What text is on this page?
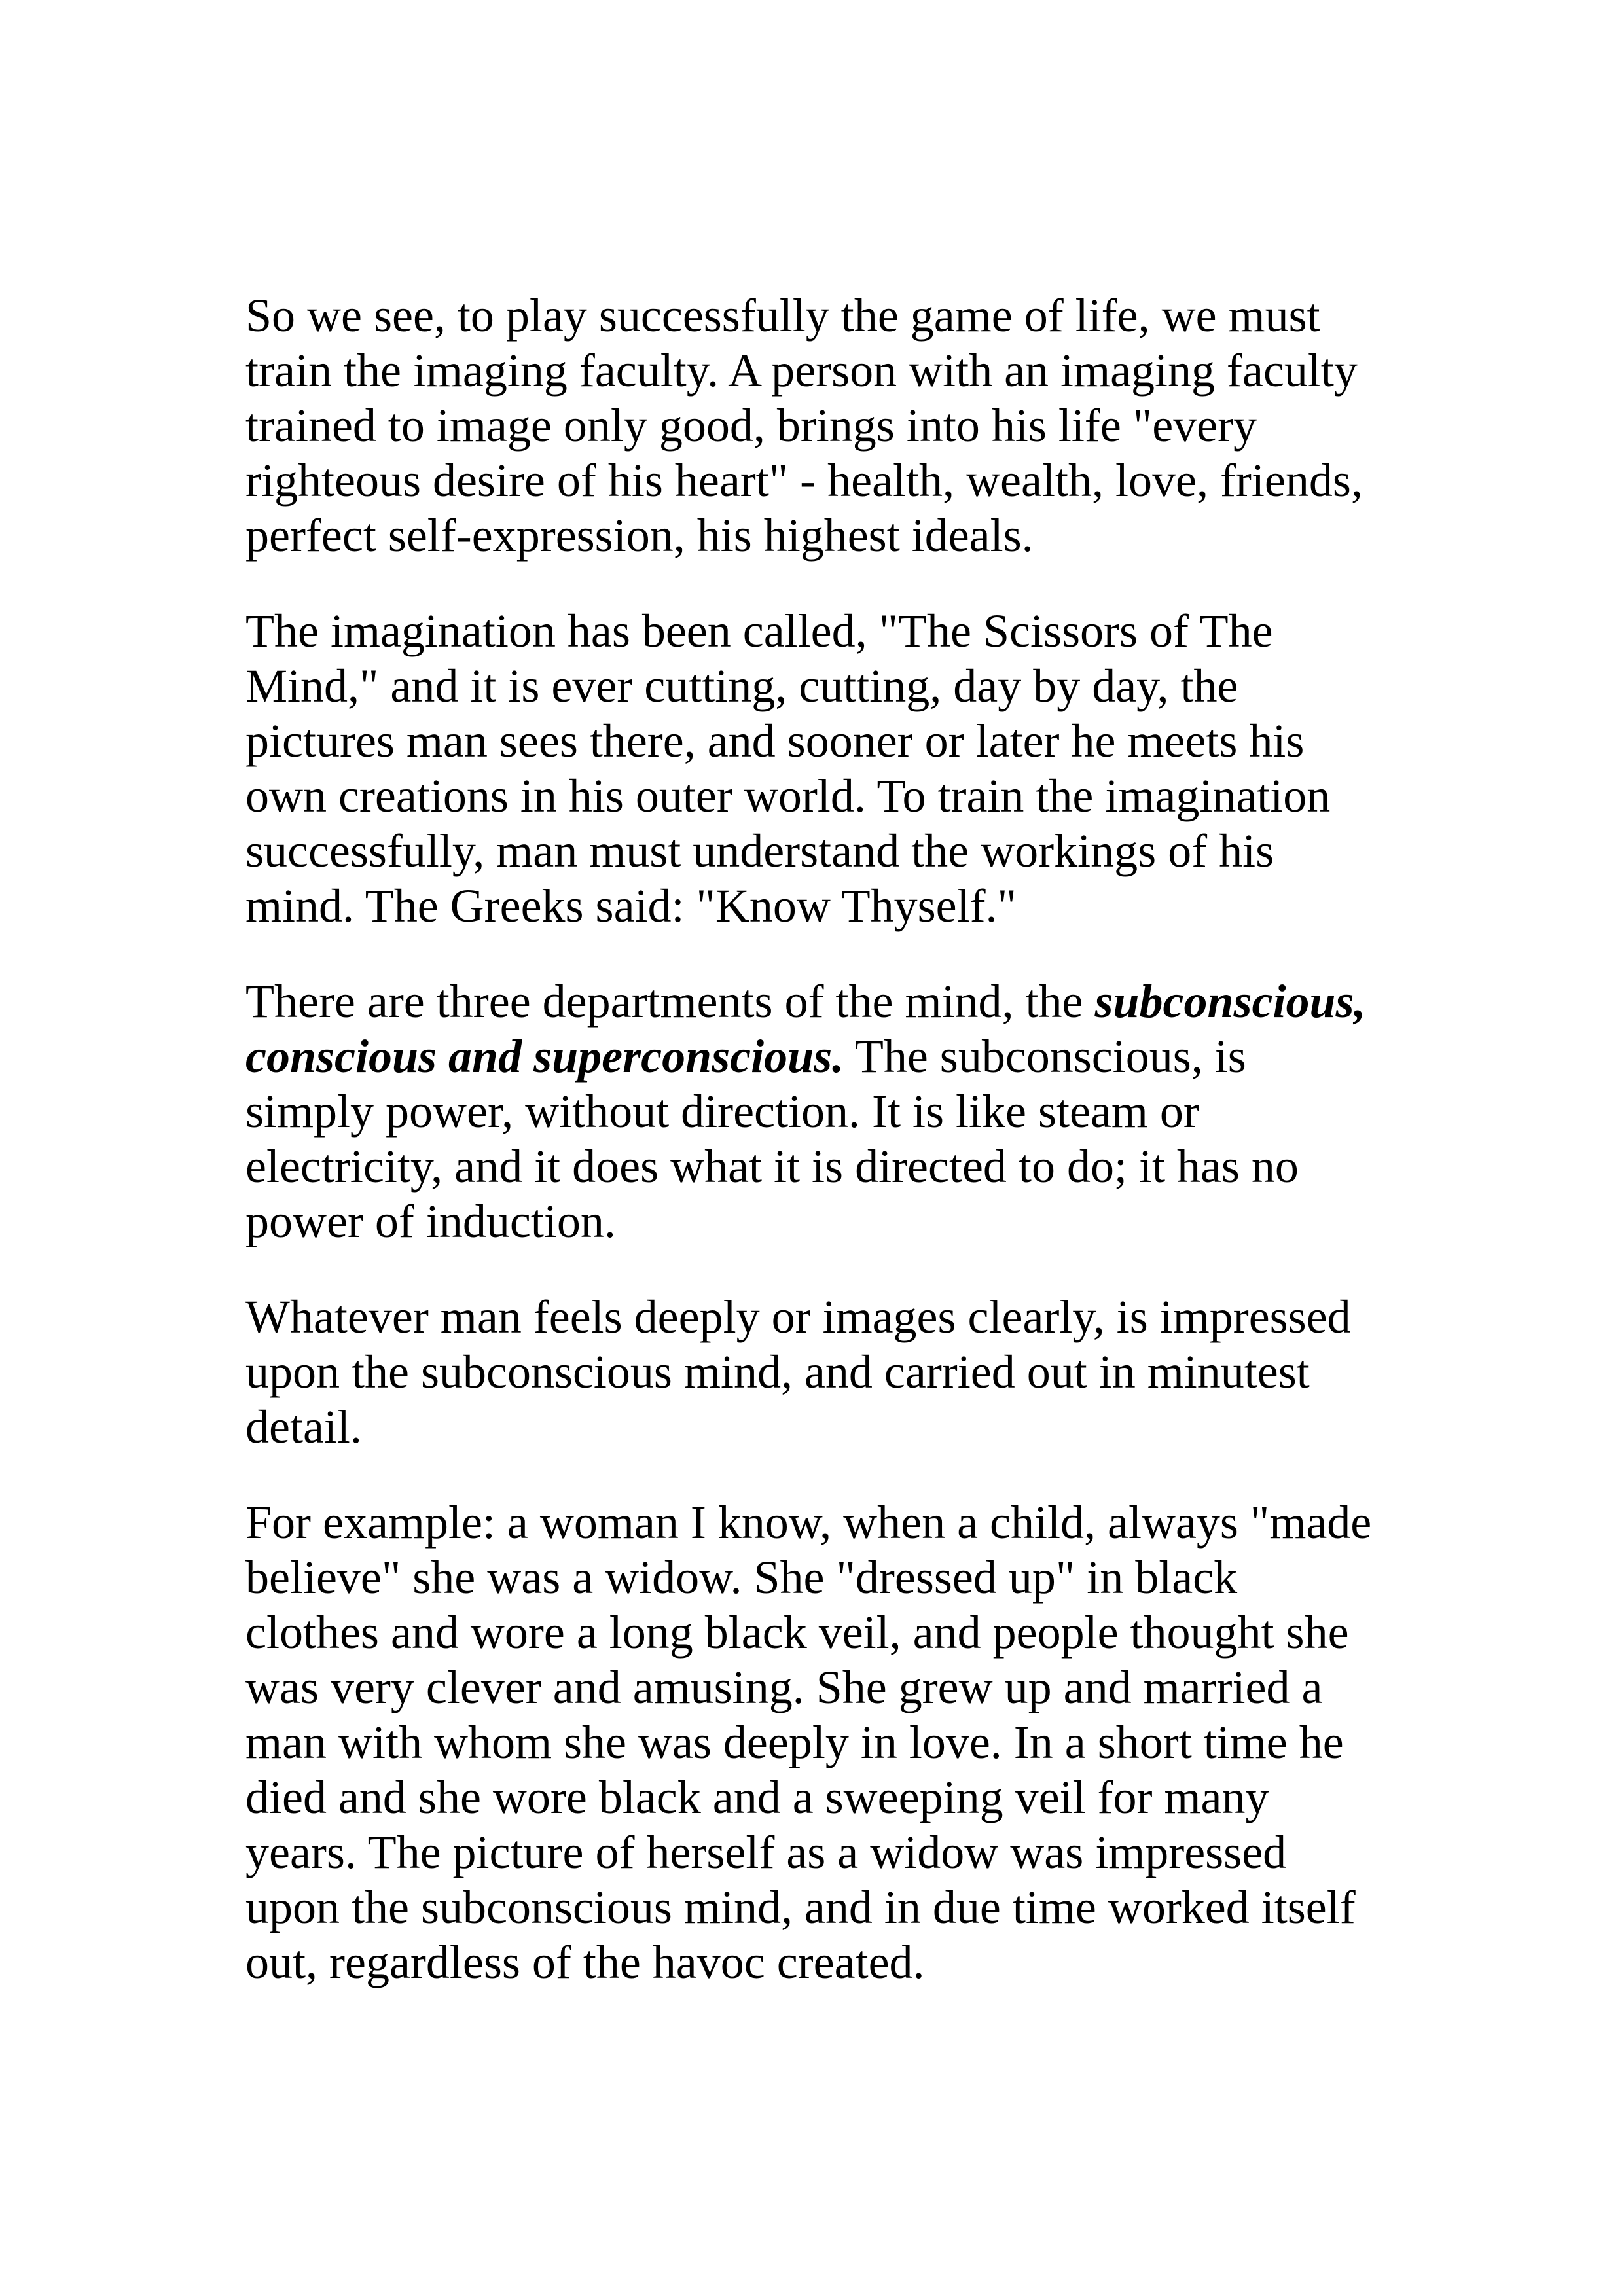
So we see, to play successfully the game of life, we must
train the imaging faculty. A person with an imaging faculty
trained to image only good, brings into his life "every
righteous desire of his heart" - health, wealth, love, friends,
perfect self-expression, his highest ideals.

The imagination has been called, "The Scissors of The
Mind," and it is ever cutting, cutting, day by day, the
pictures man sees there, and sooner or later he meets his
own creations in his outer world. To train the imagination
successfully, man must understand the workings of his
mind. The Greeks said: "Know Thyself."

There are three departments of the mind, the subconscious,
conscious and superconscious. The subconscious, is
simply power, without direction. It is like steam or
electricity, and it does what it is directed to do; it has no
power of induction.

Whatever man feels deeply or images clearly, is impressed
upon the subconscious mind, and carried out in minutest
detail.

For example: a woman I know, when a child, always "made
believe" she was a widow. She "dressed up" in black
clothes and wore a long black veil, and people thought she
was very clever and amusing. She grew up and married a
man with whom she was deeply in love. In a short time he
died and she wore black and a sweeping veil for many
years. The picture of herself as a widow was impressed
upon the subconscious mind, and in due time worked itself
out, regardless of the havoc created.
